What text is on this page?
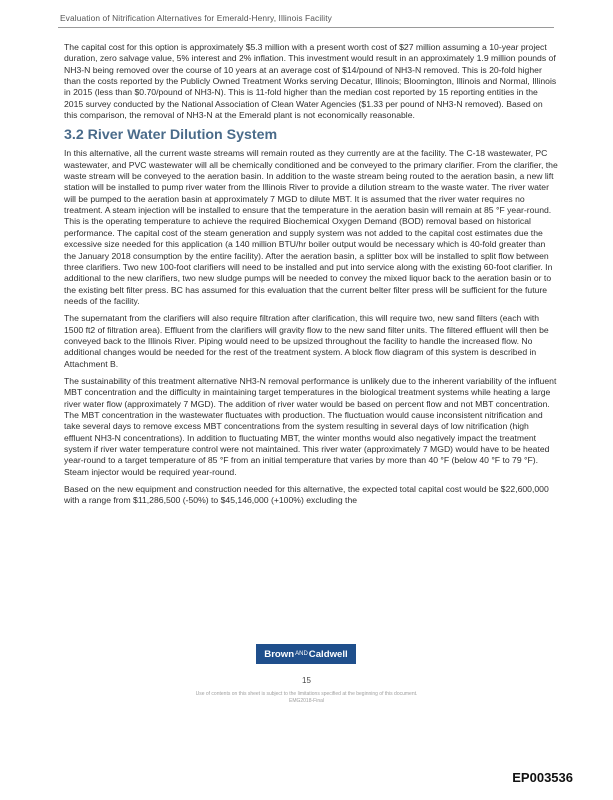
Evaluation of Nitrification Alternatives for Emerald-Henry, Illinois Facility

The capital cost for this option is approximately $5.3 million with a present worth cost of $27 million assuming a 10-year project duration, zero salvage value, 5% interest and 2% inflation. This investment would result in an approximately 1.9 million pounds of NH3-N being removed over the course of 10 years at an average cost of $14/pound of NH3-N removed. This is 20-fold higher than the costs reported by the Publicly Owned Treatment Works serving Decatur, Illinois; Bloomington, Illinois and Normal, Illinois in 2015 (less than $0.70/pound of NH3-N). This is 11-fold higher than the median cost reported by 15 reporting entities in the 2015 survey conducted by the National Association of Clean Water Agencies ($1.33 per pound of NH3-N removed). Based on this comparison, the removal of NH3-N at the Emerald plant is not economically reasonable.

3.2 River Water Dilution System

In this alternative, all the current waste streams will remain routed as they currently are at the facility. The C-18 wastewater, PC wastewater, and PVC wastewater will all be chemically conditioned and be conveyed to the primary clarifier. From the clarifier, the waste stream will be conveyed to the aeration basin. In addition to the waste stream being routed to the aeration basin, a new lift station will be installed to pump river water from the Illinois River to provide a dilution stream to the waste water. The river water will be pumped to the aeration basin at approximately 7 MGD to dilute MBT. It is assumed that the river water requires no treatment. A steam injection will be installed to ensure that the temperature in the aeration basin will remain at 85 °F year-round. This is the operating temperature to achieve the required Biochemical Oxygen Demand (BOD) removal based on historical performance. The capital cost of the steam generation and supply system was not added to the capital cost estimates due the excessive size needed for this application (a 140 million BTU/hr boiler output would be necessary which is 40-fold greater than the January 2018 consumption by the entire facility). After the aeration basin, a splitter box will be installed to split flow between three clarifiers. Two new 100-foot clarifiers will need to be installed and put into service along with the existing 60-foot clarifier. In additional to the new clarifiers, two new sludge pumps will be needed to convey the mixed liquor back to the aeration basin or to the existing belt filter press. BC has assumed for this evaluation that the current belter filter press will be sufficient for the future needs of the facility.

The supernatant from the clarifiers will also require filtration after clarification, this will require two, new sand filters (each with 1500 ft2 of filtration area). Effluent from the clarifiers will gravity flow to the new sand filter units. The filtered effluent will then be conveyed back to the Illinois River. Piping would need to be upsized throughout the facility to handle the increased flow. No additional changes would be needed for the rest of the treatment system. A block flow diagram of this system is described in Attachment B.

The sustainability of this treatment alternative NH3-N removal performance is unlikely due to the inherent variability of the influent MBT concentration and the difficulty in maintaining target temperatures in the biological treatment systems while heating a large river water flow (approximately 7 MGD). The addition of river water would be based on percent flow and not MBT concentration. The MBT concentration in the wastewater fluctuates with production. The fluctuation would cause inconsistent nitrification and take several days to remove excess MBT concentrations from the system resulting in several days of low nitrification (high effluent NH3-N concentrations). In addition to fluctuating MBT, the winter months would also negatively impact the treatment system if river water temperature control were not maintained. This river water (approximately 7 MGD) would have to be heated year-round to a target temperature of 85 °F from an initial temperature that varies by more than 40 °F (below 40 °F to 79 °F). Steam injector would be required year-round.

Based on the new equipment and construction needed for this alternative, the expected total capital cost would be $22,600,000 with a range from $11,286,500 (-50%) to $45,146,000 (+100%) excluding the

Brown AND Caldwell
15
Use of contents on this sheet is subject to the limitations specified at the beginning of this document.
EMG2018-Final
EP003536
